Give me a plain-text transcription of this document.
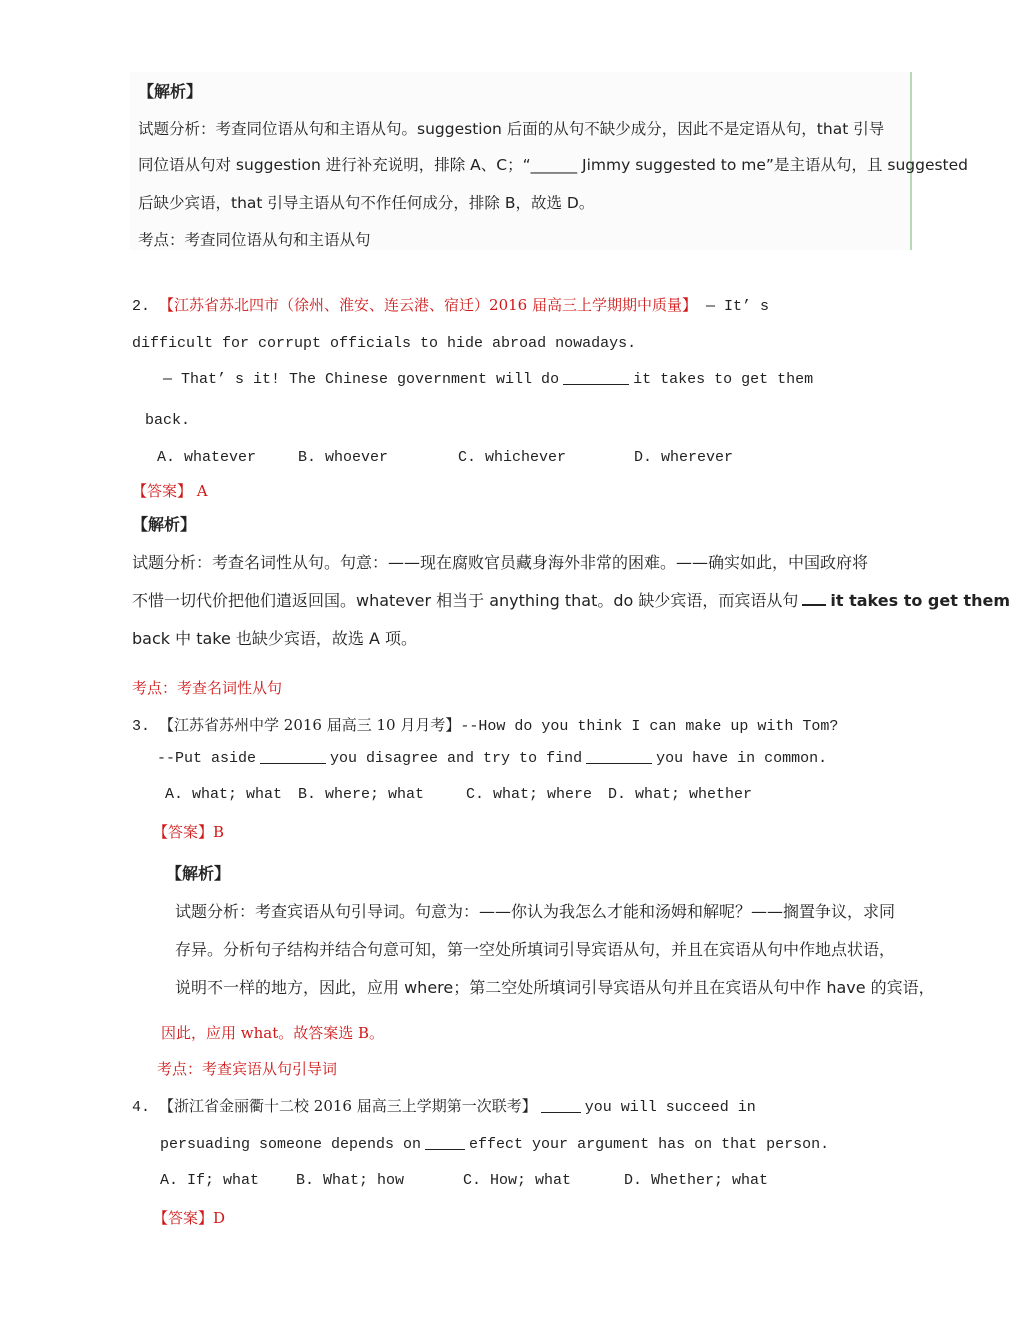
【解析】
试题分析：考查同位语从句和主语从句。suggestion 后面的从句不缺少成分，因此不是定语从句，that 引导
同位语从句对 suggestion 进行补充说明，排除 A、C；“______ Jimmy suggested to me”是主语从句，且 suggested
后缺少宾语，that 引导主语从句不作任何成分，排除 B，故选 D。
考点：考查同位语从句和主语从句
2. 【江苏省苏北四市（徐州、淮安、连云港、宿迁）2016 届高三上学期期中质量】 — It’ s
difficult for corrupt officials to hide abroad nowadays.
— That’ s it! The Chinese government will do	it takes to get them
back.
A. whatever	B. whoever	C. whichever	D. wherever
【答案】 A
【解析】
试题分析：考查名词性从句。句意：——现在腐败官员藏身海外非常的困难。——确实如此，中国政府将
不惜一切代价把他们遣返回国。whatever 相当于 anything that。do 缺少宾语，而宾语从句 it takes to get them
back 中 take 也缺少宾语，故选 A 项。
考点：考查名词性从句
3. 【江苏省苏州中学 2016 届高三 10 月月考】--How do you think I can make up with Tom?
--Put aside	you disagree and try to find	you have in common.
A. what; what B. where; what	C. what; where D. what; whether
【答案】B
【解析】
试题分析：考查宾语从句引导词。句意为：——你认为我怎么才能和汤姆和解呢？——搁置争议，求同
存异。分析句子结构并结合句意可知，第一空处所填词引导宾语从句，并且在宾语从句中作地点状语，
说明不一样的地方，因此，应用 where；第二空处所填词引导宾语从句并且在宾语从句中作 have 的宾语，
因此，应用 what。故答案选 B。
考点：考查宾语从句引导词
4. 【浙江省金丽衢十二校 2016 届高三上学期第一次联考】	you will succeed in
persuading someone depends on	effect your argument has on that person.
A. If; what B. What; how	C. How; what	D. Whether; what
【答案】D
